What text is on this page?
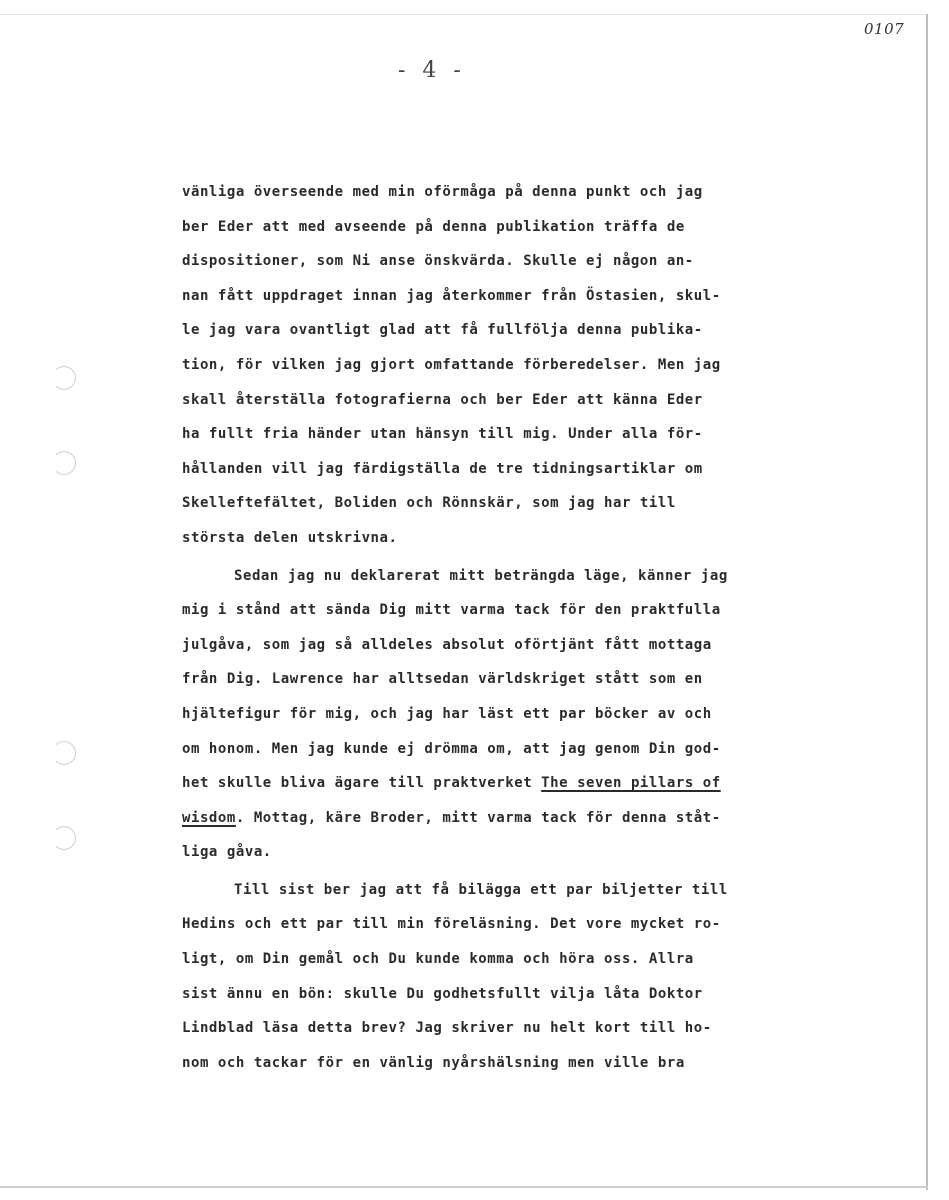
0107
- 4 -
vänliga överseende med min oförmåga på denna punkt och jag
ber Eder att med avseende på denna publikation träffa de
dispositioner, som Ni anse önskvärda. Skulle ej någon an-
nan fått uppdraget innan jag återkommer från Östasien, skul-
le jag vara ovantligt glad att få fullfölja denna publika-
tion, för vilken jag gjort omfattande förberedelser. Men jag
skall återställa fotografierna och ber Eder att känna Eder
ha fullt fria händer utan hänsyn till mig. Under alla för-
hållanden vill jag färdigställa de tre tidningsartiklar om
Skelleftefältet, Boliden och Rönnskär, som jag har till
största delen utskrivna.
Sedan jag nu deklarerat mitt beträngda läge, känner jag
mig i stånd att sända Dig mitt varma tack för den praktfulla
julgåva, som jag så alldeles absolut oförtjänt fått mottaga
från Dig. Lawrence har alltsedan världskriget stått som en
hjältefigur för mig, och jag har läst ett par böcker av och
om honom. Men jag kunde ej drömma om, att jag genom Din god-
het skulle bliva ägare till praktverket The seven pillars of
wisdom. Mottag, käre Broder, mitt varma tack för denna ståt-
liga gåva.
Till sist ber jag att få bilägga ett par biljetter till
Hedins och ett par till min föreläsning. Det vore mycket ro-
ligt, om Din gemål och Du kunde komma och höra oss. Allra
sist ännu en bön: skulle Du godhetsfullt vilja låta Doktor
Lindblad läsa detta brev? Jag skriver nu helt kort till ho-
nom och tackar för en vänlig nyårshälsning men ville bra
